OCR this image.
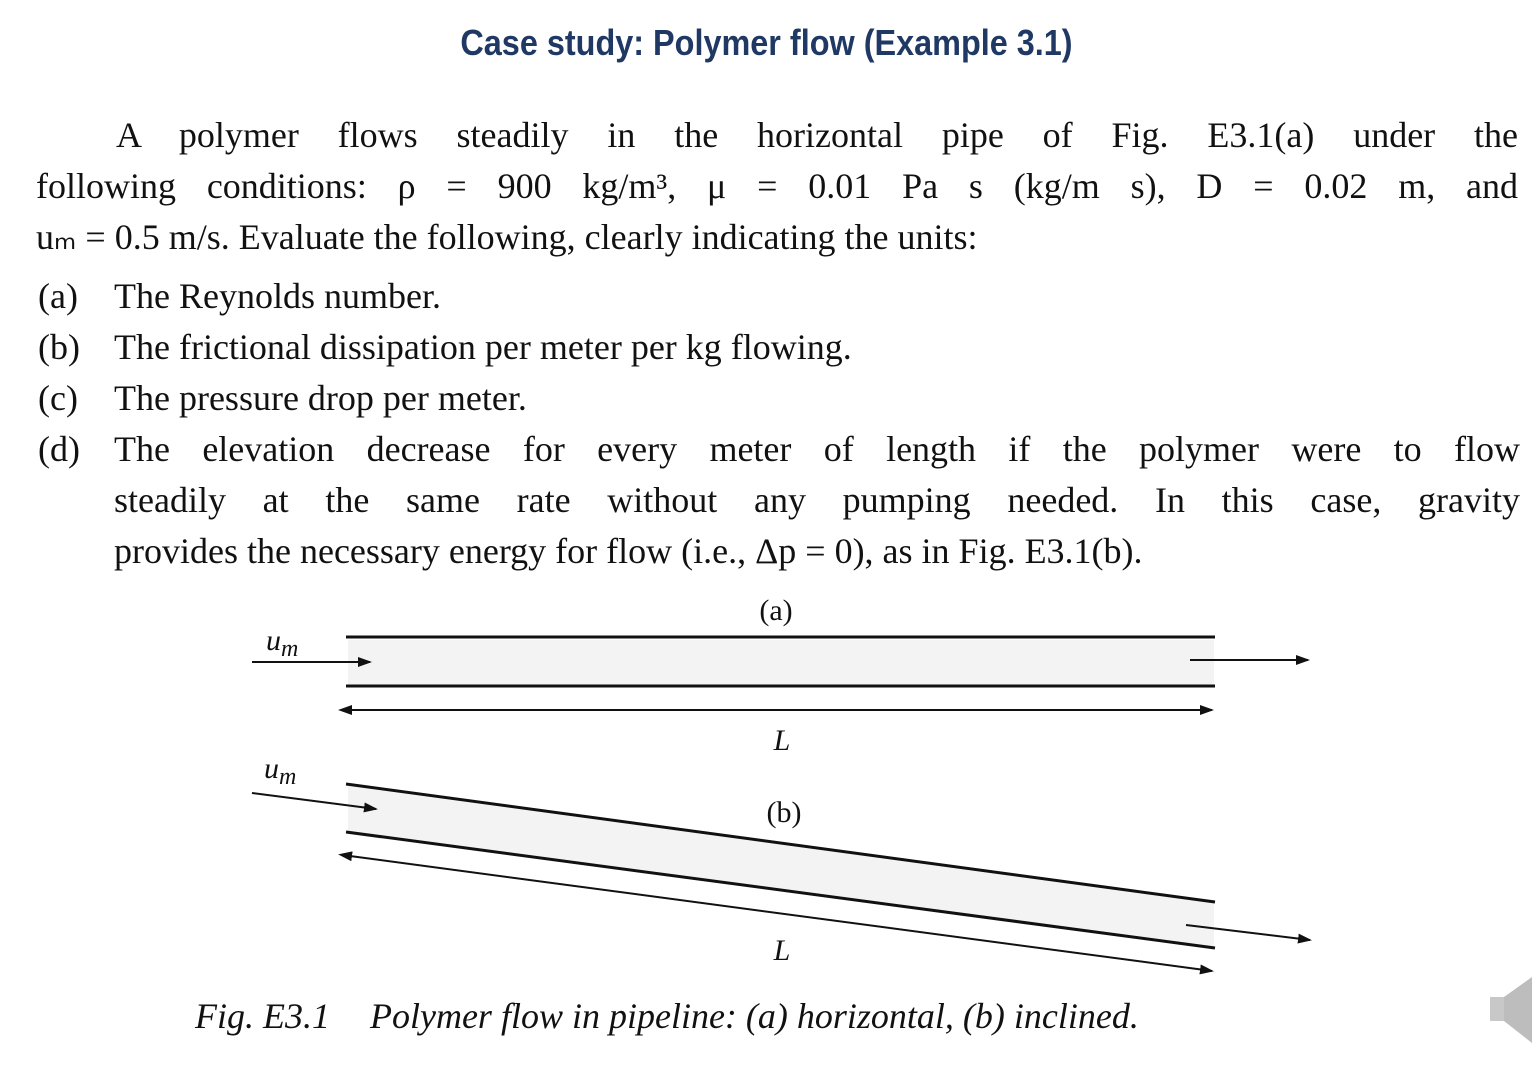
Case study: Polymer flow (Example 3.1)
A polymer flows steadily in the horizontal pipe of Fig. E3.1(a) under the
following conditions: ρ = 900 kg/m³, μ = 0.01 Pa s (kg/m s), D = 0.02 m, and
uₘ = 0.5 m/s. Evaluate the following, clearly indicating the units:
(a) The Reynolds number.
(b) The frictional dissipation per meter per kg flowing.
(c) The pressure drop per meter.
(d) The elevation decrease for every meter of length if the polymer were to flow
steadily at the same rate without any pumping needed. In this case, gravity
provides the necessary energy for flow (i.e., Δp = 0), as in Fig. E3.1(b).
(a)
$u_m$
L
$u_m$
(b)
L
Fig. E3.1 Polymer flow in pipeline: (a) horizontal, (b) inclined.
